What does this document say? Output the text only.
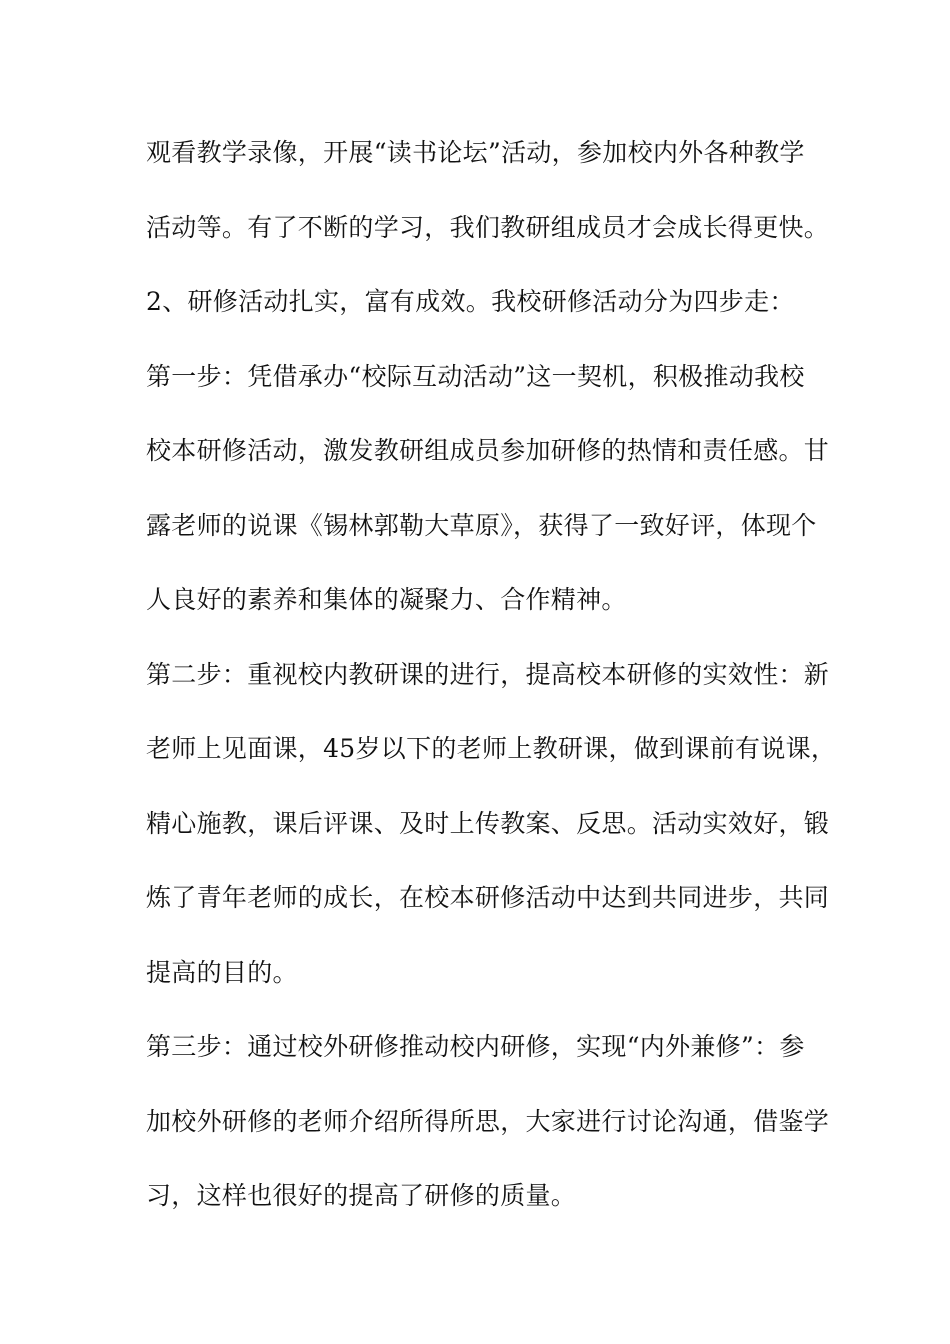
观看教学录像，开展“读书论坛”活动，参加校内外各种教学
活动等。有了不断的学习，我们教研组成员才会成长得更快。
2、研修活动扎实，富有成效。我校研修活动分为四步走：
第一步：凭借承办“校际互动活动”这一契机，积极推动我校
校本研修活动，激发教研组成员参加研修的热情和责任感。甘
露老师的说课《锡林郭勒大草原》，获得了一致好评，体现个
人良好的素养和集体的凝聚力、合作精神。
第二步：重视校内教研课的进行，提高校本研修的实效性：新
老师上见面课，45岁以下的老师上教研课，做到课前有说课，
精心施教，课后评课、及时上传教案、反思。活动实效好，锻
炼了青年老师的成长，在校本研修活动中达到共同进步，共同
提高的目的。
第三步：通过校外研修推动校内研修，实现“内外兼修”：参
加校外研修的老师介绍所得所思，大家进行讨论沟通，借鉴学
习，这样也很好的提高了研修的质量。
